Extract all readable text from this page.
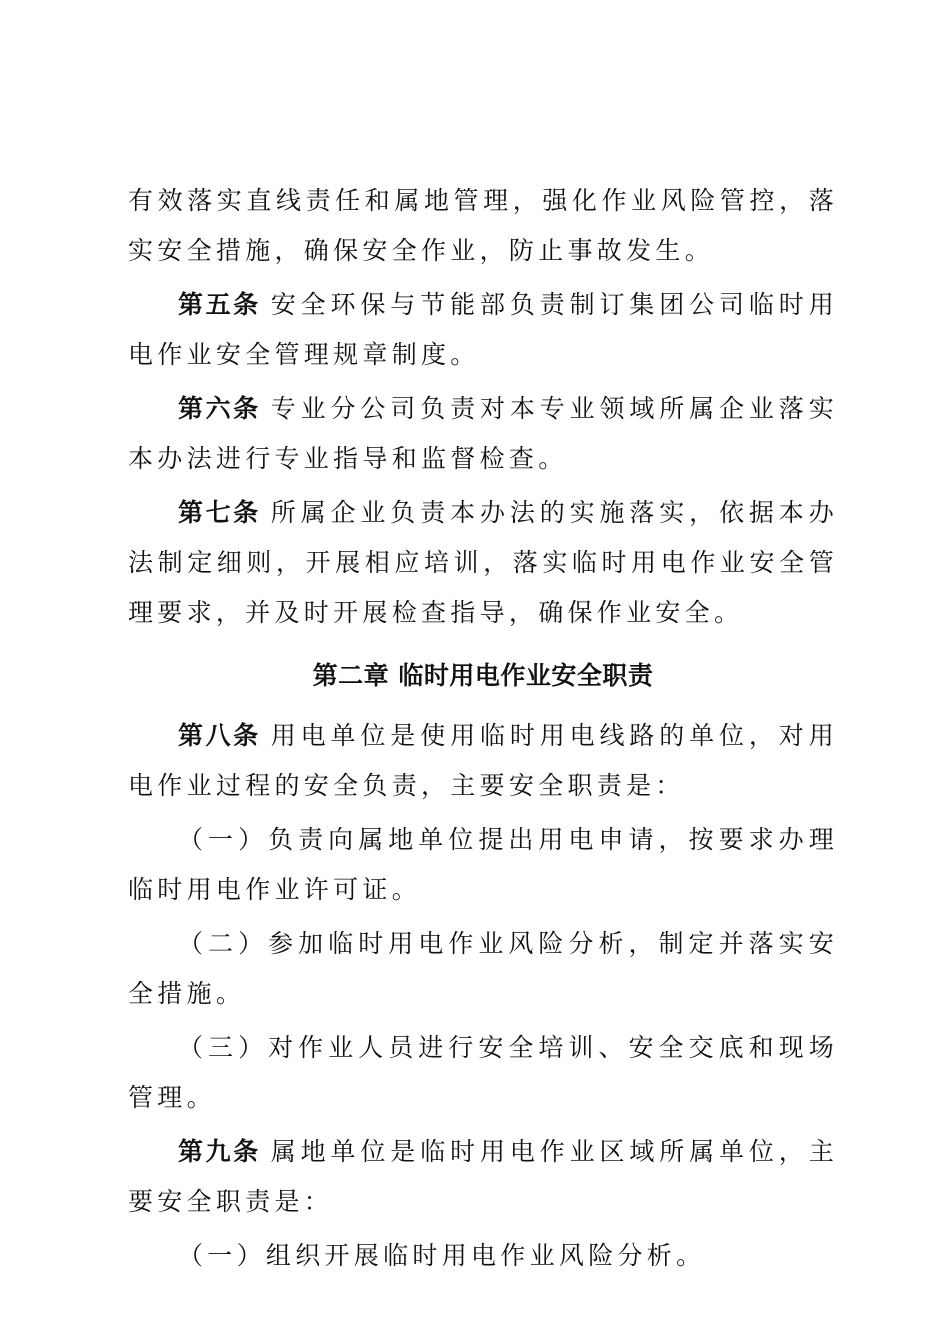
有效落实直线责任和属地管理，强化作业风险管控，落实安全措施，确保安全作业，防止事故发生。

第五条 安全环保与节能部负责制订集团公司临时用电作业安全管理规章制度。

第六条 专业分公司负责对本专业领域所属企业落实本办法进行专业指导和监督检查。

第七条 所属企业负责本办法的实施落实，依据本办法制定细则，开展相应培训，落实临时用电作业安全管理要求，并及时开展检查指导，确保作业安全。

第二章 临时用电作业安全职责

第八条 用电单位是使用临时用电线路的单位，对用电作业过程的安全负责，主要安全职责是：

（一）负责向属地单位提出用电申请，按要求办理临时用电作业许可证。

（二）参加临时用电作业风险分析，制定并落实安全措施。

（三）对作业人员进行安全培训、安全交底和现场管理。

第九条 属地单位是临时用电作业区域所属单位，主要安全职责是：

（一）组织开展临时用电作业风险分析。
